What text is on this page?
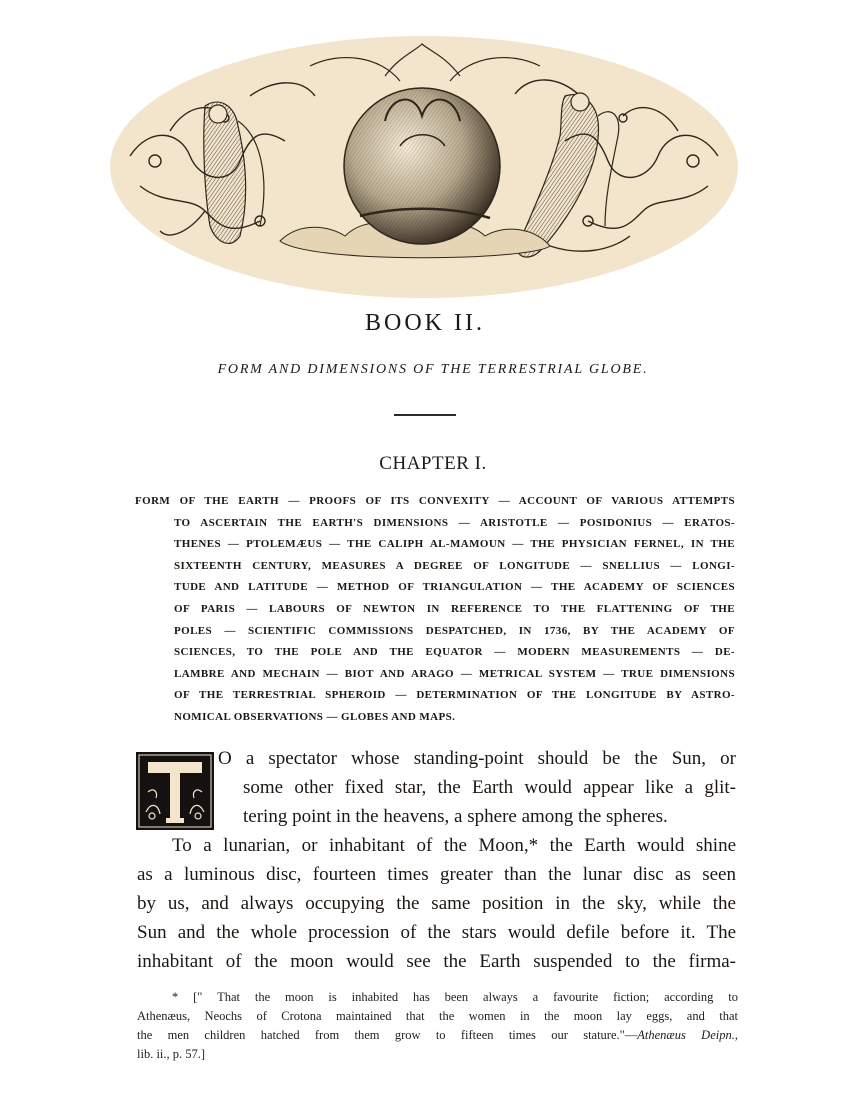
BOOK II.
FORM AND DIMENSIONS OF THE TERRESTRIAL GLOBE.
CHAPTER I.
FORM OF THE EARTH — PROOFS OF ITS CONVEXITY — ACCOUNT OF VARIOUS ATTEMPTS
TO ASCERTAIN THE EARTH'S DIMENSIONS — ARISTOTLE — POSIDONIUS — ERATOS-
THENES — PTOLEMÆUS — THE CALIPH AL-MAMOUN — THE PHYSICIAN FERNEL, IN THE
SIXTEENTH CENTURY, MEASURES A DEGREE OF LONGITUDE — SNELLIUS — LONGI-
TUDE AND LATITUDE — METHOD OF TRIANGULATION — THE ACADEMY OF SCIENCES
OF PARIS — LABOURS OF NEWTON IN REFERENCE TO THE FLATTENING OF THE
POLES — SCIENTIFIC COMMISSIONS DESPATCHED, IN 1736, BY THE ACADEMY OF
SCIENCES, TO THE POLE AND THE EQUATOR — MODERN MEASUREMENTS — DE-
LAMBRE AND MECHAIN — BIOT AND ARAGO — METRICAL SYSTEM — TRUE DIMENSIONS
OF THE TERRESTRIAL SPHEROID — DETERMINATION OF THE LONGITUDE BY ASTRO-
NOMICAL OBSERVATIONS — GLOBES AND MAPS.
O a spectator whose standing-point should be the Sun, or
some other fixed star, the Earth would appear like a glit-
tering point in the heavens, a sphere among the spheres.
To a lunarian, or inhabitant of the Moon,* the Earth would shine
as a luminous disc, fourteen times greater than the lunar disc as seen
by us, and always occupying the same position in the sky, while the
Sun and the whole procession of the stars would defile before it. The
inhabitant of the moon would see the Earth suspended to the firma-
* [" That the moon is inhabited has been always a favourite fiction; according to
Athenæus, Neochs of Crotona maintained that the women in the moon lay eggs, and that
the men children hatched from them grow to fifteen times our stature."—Athenæus Deipn.,
lib. ii., p. 57.]
